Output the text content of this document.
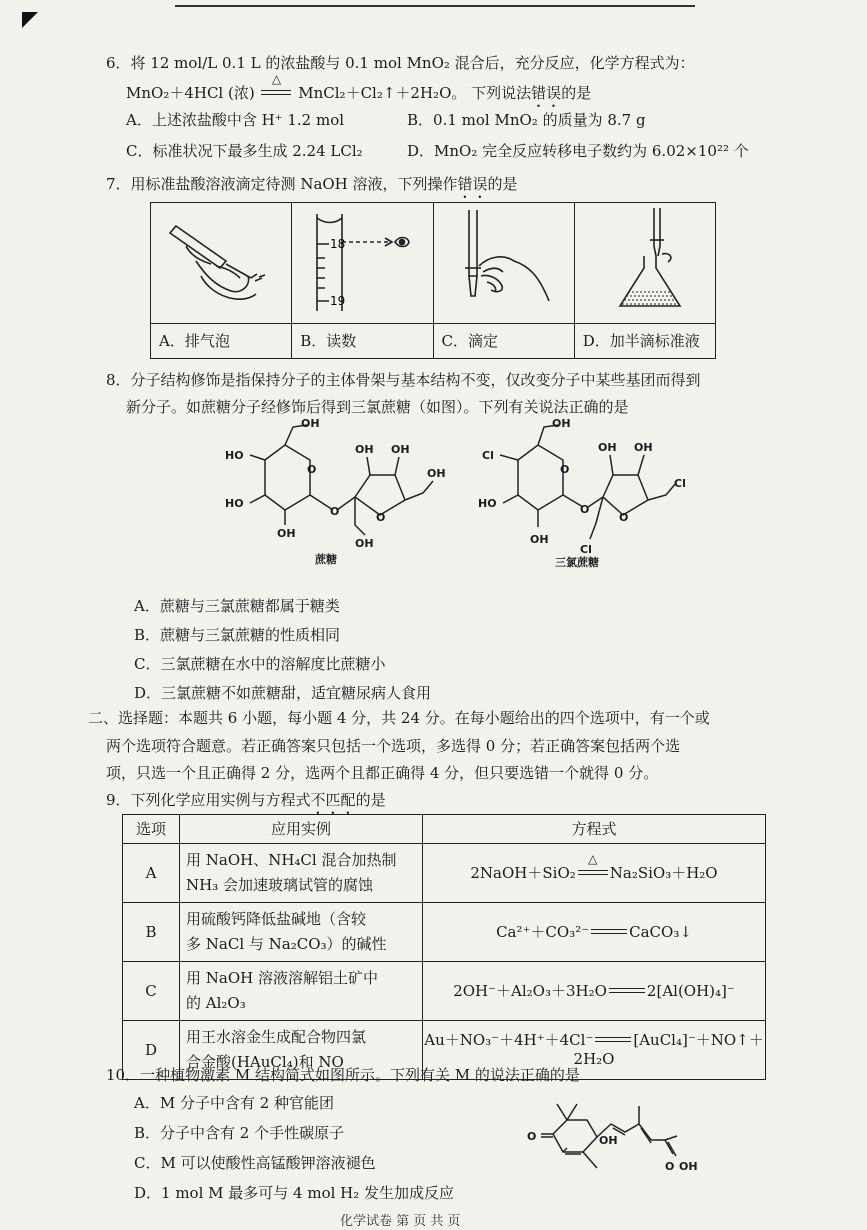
6．将 12 mol/L 0.1 L 的浓盐酸与 0.1 mol MnO₂ 混合后，充分反应，化学方程式为：
MnO₂＋4HCl (浓)
△
MnCl₂＋Cl₂↑＋2H₂O。 下列说法错误的是
A．上述浓盐酸中含 H⁺ 1.2 mol	B．0.1 mol MnO₂ 的质量为 8.7 g
C．标准状况下最多生成 2.24 LCl₂	D．MnO₂ 完全反应转移电子数约为 6.02×10²² 个
7．用标准盐酸溶液滴定待测 NaOH 溶液，下列操作错误的是

18
19

A．排气泡	B．读数	C．滴定	D．加半滴标准液
8．分子结构修饰是指保持分子的主体骨架与基本结构不变，仅改变分子中某些基团而得到
新分子。如蔗糖分子经修饰后得到三氯蔗糖（如图）。下列有关说法正确的是
OH
HO
HO
OH
O
O
OH OH
O
OH
OH
蔗糖
OH
Cl
HO
OH
O
O
OH OH
O
Cl
Cl
三氯蔗糖
A．蔗糖与三氯蔗糖都属于糖类
B．蔗糖与三氯蔗糖的性质相同
C．三氯蔗糖在水中的溶解度比蔗糖小
D．三氯蔗糖不如蔗糖甜，适宜糖尿病人食用
二、选择题：本题共 6 小题，每小题 4 分，共 24 分。在每小题给出的四个选项中，有一个或
两个选项符合题意。若正确答案只包括一个选项，多选得 0 分；若正确答案包括两个选
项，只选一个且正确得 2 分，选两个且都正确得 4 分，但只要选错一个就得 0 分。
9．下列化学应用实例与方程式不匹配的是
选项	应用实例	方程式
A	用 NaOH、NH₄Cl 混合加热制
NH₃ 会加速玻璃试管的腐蚀	2NaOH＋SiO₂
△
Na₂SiO₃＋H₂O
B	用硫酸钙降低盐碱地（含较
多 NaCl 与 Na₂CO₃）的碱性	Ca²⁺＋CO₃²⁻ CaCO₃↓
C	用 NaOH 溶液溶解铝土矿中
的 Al₂O₃	2OH⁻＋Al₂O₃＋3H₂O 2[Al(OH)₄]⁻
D	用王水溶金生成配合物四氯
合金酸(HAuCl₄)和 NO	Au＋NO₃⁻＋4H⁺＋4Cl⁻ [AuCl₄]⁻＋NO↑＋2H₂O
10．一种植物激素 M 结构简式如图所示。下列有关 M 的说法正确的是
A．M 分子中含有 2 种官能团
B．分子中含有 2 个手性碳原子
C．M 可以使酸性高锰酸钾溶液褪色
D．1 mol M 最多可与 4 mol H₂ 发生加成反应
O	OH
O OH
化学试卷 第 页 共 页
